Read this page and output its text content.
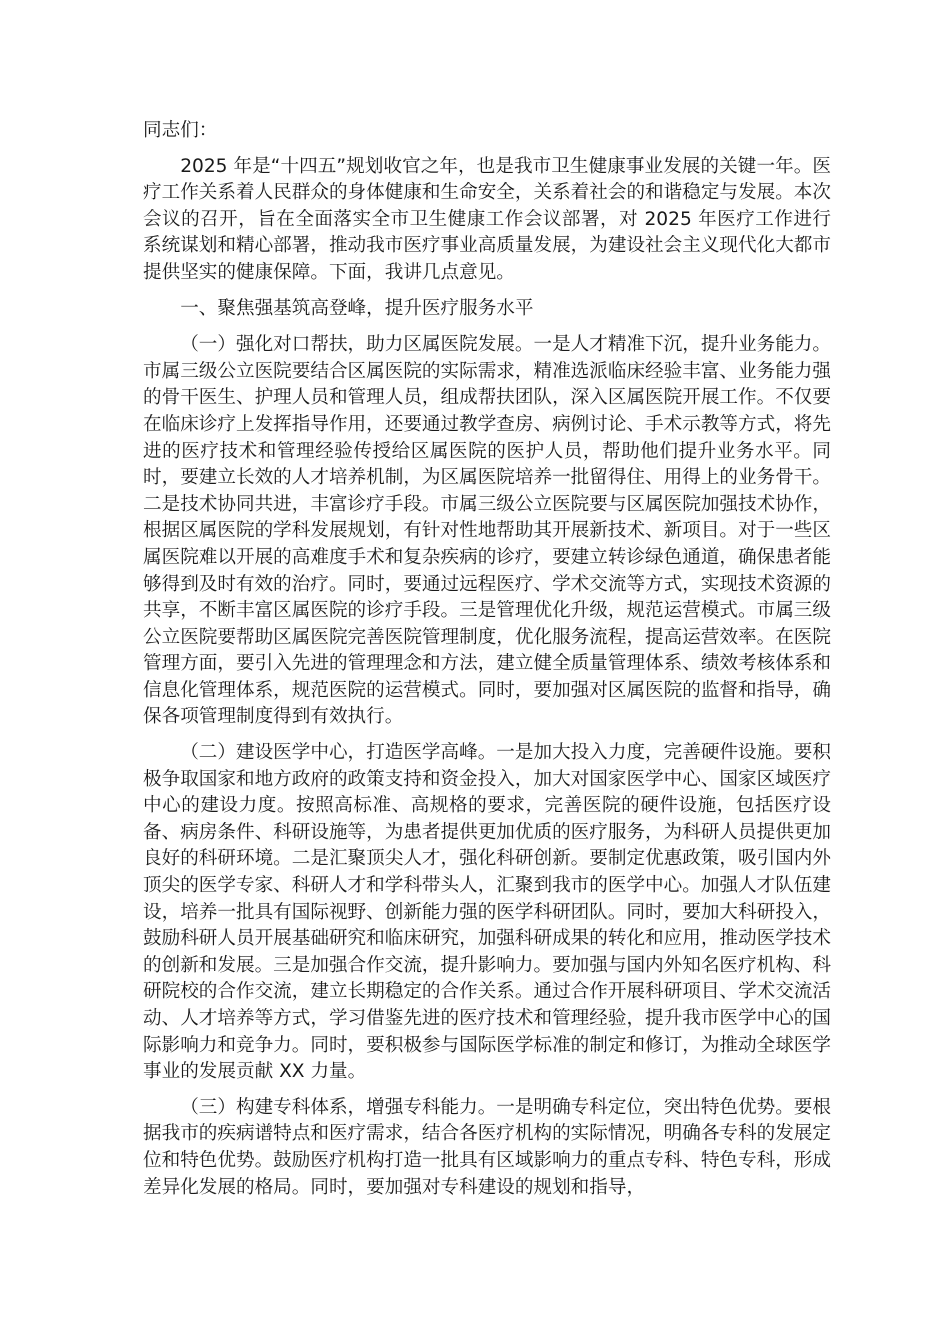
同志们：

2025 年是“十四五”规划收官之年，也是我市卫生健康事业发展的关键一年。医疗工作关系着人民群众的身体健康和生命安全，关系着社会的和谐稳定与发展。本次会议的召开，旨在全面落实全市卫生健康工作会议部署，对 2025 年医疗工作进行系统谋划和精心部署，推动我市医疗事业高质量发展，为建设社会主义现代化大都市提供坚实的健康保障。下面，我讲几点意见。

一、聚焦强基筑高登峰，提升医疗服务水平

（一）强化对口帮扶，助力区属医院发展。一是人才精准下沉，提升业务能力。市属三级公立医院要结合区属医院的实际需求，精准选派临床经验丰富、业务能力强的骨干医生、护理人员和管理人员，组成帮扶团队，深入区属医院开展工作。不仅要在临床诊疗上发挥指导作用，还要通过教学查房、病例讨论、手术示教等方式，将先进的医疗技术和管理经验传授给区属医院的医护人员，帮助他们提升业务水平。同时，要建立长效的人才培养机制，为区属医院培养一批留得住、用得上的业务骨干。二是技术协同共进，丰富诊疗手段。市属三级公立医院要与区属医院加强技术协作，根据区属医院的学科发展规划，有针对性地帮助其开展新技术、新项目。对于一些区属医院难以开展的高难度手术和复杂疾病的诊疗，要建立转诊绿色通道，确保患者能够得到及时有效的治疗。同时，要通过远程医疗、学术交流等方式，实现技术资源的共享，不断丰富区属医院的诊疗手段。三是管理优化升级，规范运营模式。市属三级公立医院要帮助区属医院完善医院管理制度，优化服务流程，提高运营效率。在医院管理方面，要引入先进的管理理念和方法，建立健全质量管理体系、绩效考核体系和信息化管理体系，规范医院的运营模式。同时，要加强对区属医院的监督和指导，确保各项管理制度得到有效执行。

（二）建设医学中心，打造医学高峰。一是加大投入力度，完善硬件设施。要积极争取国家和地方政府的政策支持和资金投入，加大对国家医学中心、国家区域医疗中心的建设力度。按照高标准、高规格的要求，完善医院的硬件设施，包括医疗设备、病房条件、科研设施等，为患者提供更加优质的医疗服务，为科研人员提供更加良好的科研环境。二是汇聚顶尖人才，强化科研创新。要制定优惠政策，吸引国内外顶尖的医学专家、科研人才和学科带头人，汇聚到我市的医学中心。加强人才队伍建设，培养一批具有国际视野、创新能力强的医学科研团队。同时，要加大科研投入，鼓励科研人员开展基础研究和临床研究，加强科研成果的转化和应用，推动医学技术的创新和发展。三是加强合作交流，提升影响力。要加强与国内外知名医疗机构、科研院校的合作交流，建立长期稳定的合作关系。通过合作开展科研项目、学术交流活动、人才培养等方式，学习借鉴先进的医疗技术和管理经验，提升我市医学中心的国际影响力和竞争力。同时，要积极参与国际医学标准的制定和修订，为推动全球医学事业的发展贡献 XX 力量。

（三）构建专科体系，增强专科能力。一是明确专科定位，突出特色优势。要根据我市的疾病谱特点和医疗需求，结合各医疗机构的实际情况，明确各专科的发展定位和特色优势。鼓励医疗机构打造一批具有区域影响力的重点专科、特色专科，形成差异化发展的格局。同时，要加强对专科建设的规划和指导，
